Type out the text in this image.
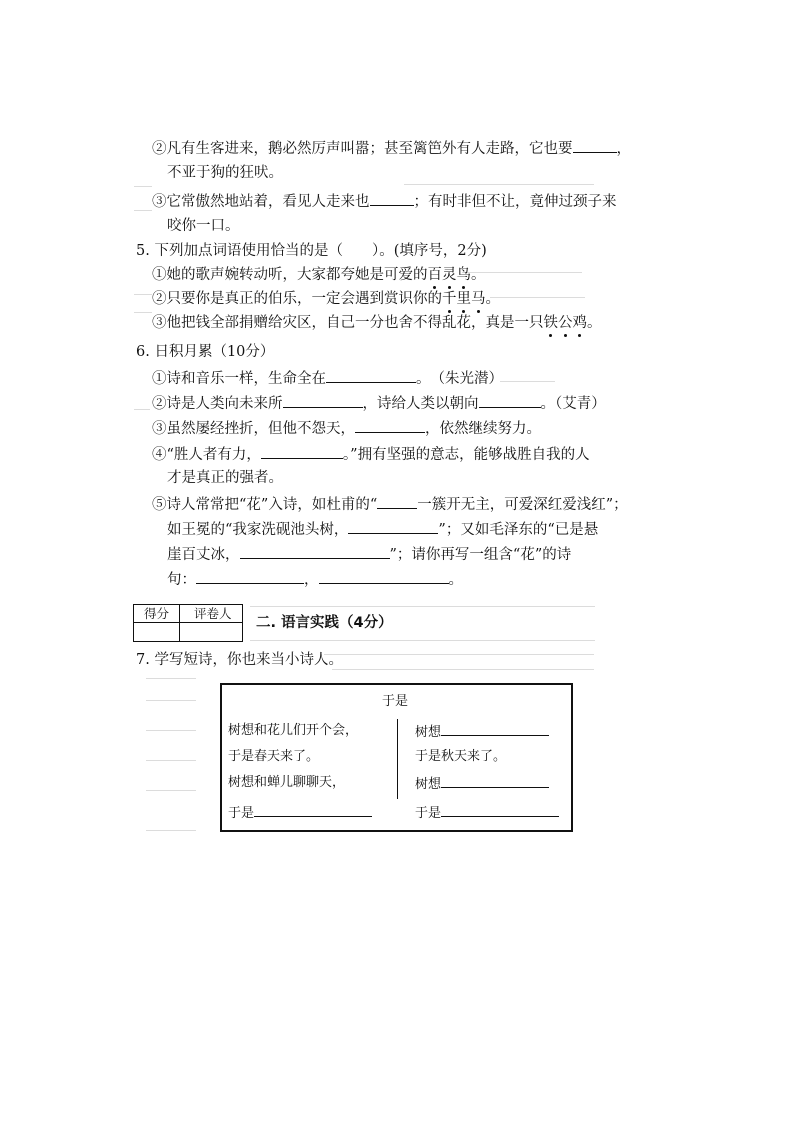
②凡有生客进来，鹅必然厉声叫嚣；甚至篱笆外有人走路，它也要	，
不亚于狗的狂吠。
③它常傲然地站着，看见人走来也	；有时非但不让，竟伸过颈子来
咬你一口。
5. 下列加点词语使用恰当的是（　　）。(填序号，2分)
①她的歌声婉转动听，大家都夸她是可爱的百灵鸟。
②只要你是真正的伯乐，一定会遇到赏识你的千里马。
③他把钱全部捐赠给灾区，自己一分也舍不得乱花，真是一只铁公鸡。
6. 日积月累（10分）
①诗和音乐一样，生命全在	。　（朱光潜）
②诗是人类向未来所	，诗给人类以朝向	。（艾青）
③虽然屡经挫折，但他不怨天，	，依然继续努力。
④“胜人者有力，	。”拥有坚强的意志，能够战胜自我的人
才是真正的强者。
⑤诗人常常把“花”入诗，如杜甫的“	一簇开无主，可爱深红爱浅红”；
如王冕的“我家洗砚池头树，	”；又如毛泽东的“已是悬
崖百丈冰，	”；请你再写一组含“花”的诗
句：	，	。
得分 评卷人
二. 语言实践（4分）
7. 学写短诗，你也来当小诗人。
于是
树想和花儿们开个会，
于是春天来了。
树想和蝉儿聊聊天，
于是
树想
于是秋天来了。
树想
于是
